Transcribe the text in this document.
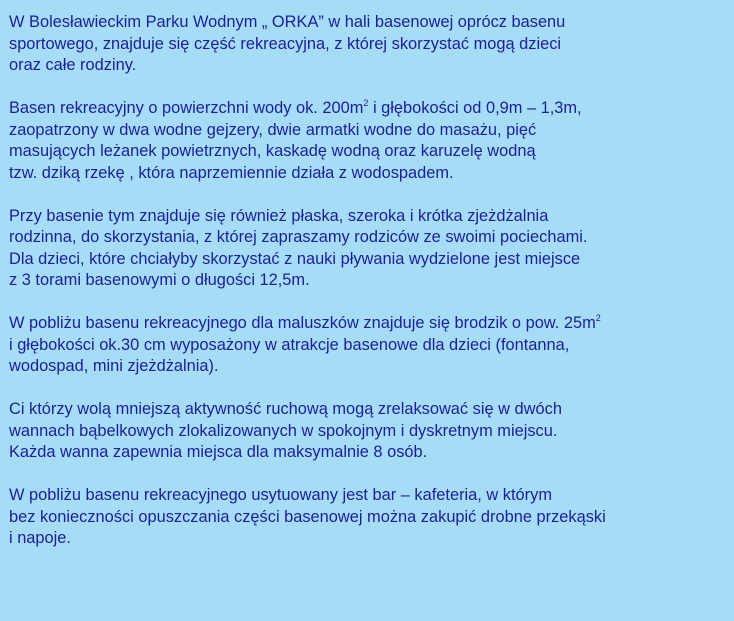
W Bolesławieckim Parku Wodnym „ ORKA” w hali basenowej oprócz basenu
sportowego, znajduje się część rekreacyjna, z której skorzystać mogą dzieci
oraz całe rodziny.

Basen rekreacyjny o powierzchni wody ok. $200m^2$ i głębokości od 0,9m – 1,3m,
zaopatrzony w dwa wodne gejzery, dwie armatki wodne do masażu, pięć
masujących leżanek powietrznych, kaskadę wodną oraz karuzelę wodną
tzw. dziką rzekę , która naprzemiennie działa z wodospadem.

Przy basenie tym znajduje się również płaska, szeroka i krótka zjeżdżalnia
rodzinna, do skorzystania, z której zapraszamy rodziców ze swoimi pociechami.
Dla dzieci, które chciałyby skorzystać z nauki pływania wydzielone jest miejsce
z 3 torami basenowymi o długości 12,5m.

W pobliżu basenu rekreacyjnego dla maluszków znajduje się brodzik o pow. $25m^2$
i głębokości ok.30 cm wyposażony w atrakcje basenowe dla dzieci (fontanna,
wodospad, mini zjeżdżalnia).

Ci którzy wolą mniejszą aktywność ruchową mogą zrelaksować się w dwóch
wannach bąbelkowych zlokalizowanych w spokojnym i dyskretnym miejscu.
Każda wanna zapewnia miejsca dla maksymalnie 8 osób.

W pobliżu basenu rekreacyjnego usytuowany jest bar – kafeteria, w którym
bez konieczności opuszczania części basenowej można zakupić drobne przekąski
i napoje.
